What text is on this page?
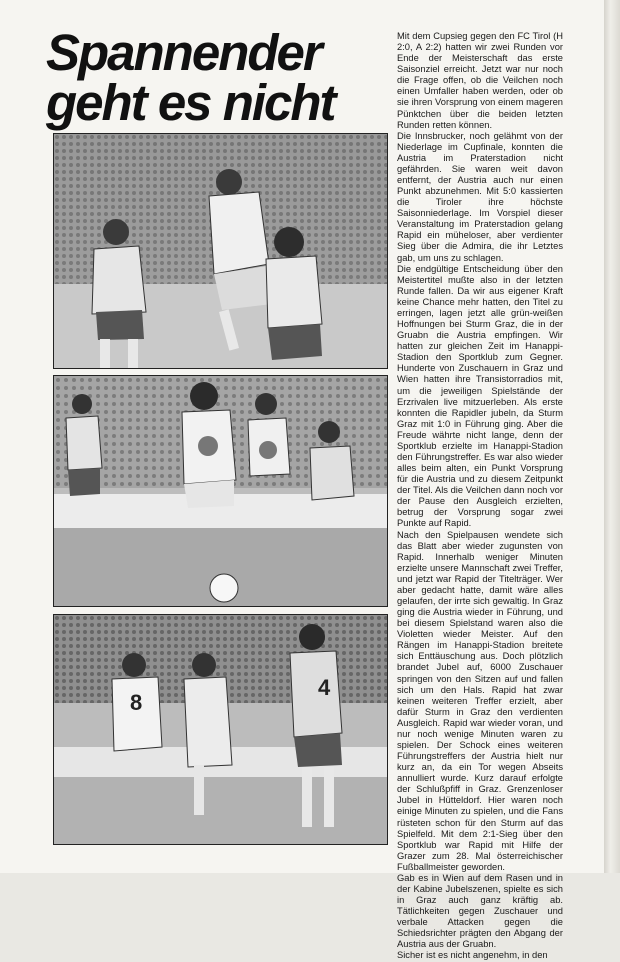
Spannender
geht es nicht
8
4

Mit dem Cupsieg gegen den FC Tirol (H 2:0, A 2:2) hatten wir zwei Runden vor Ende der Meisterschaft das erste Saisonziel erreicht. Jetzt war nur noch die Frage offen, ob die Veilchen noch einen Umfaller haben werden, oder ob sie ihren Vorsprung von einem mageren Pünktchen über die beiden letzten Runden retten können.

Die Innsbrucker, noch gelähmt von der Niederlage im Cupfinale, konnten die Austria im Praterstadion nicht gefährden. Sie waren weit davon entfernt, der Austria auch nur einen Punkt abzunehmen. Mit 5:0 kassierten die Tiroler ihre höchste Saisonniederlage. Im Vorspiel dieser Veranstaltung im Praterstadion gelang Rapid ein müheloser, aber verdienter Sieg über die Admira, die ihr Letztes gab, um uns zu schlagen.

Die endgültige Entscheidung über den Meistertitel mußte also in der letzten Runde fallen. Da wir aus eigener Kraft keine Chance mehr hatten, den Titel zu erringen, lagen jetzt alle grün-weißen Hoffnungen bei Sturm Graz, die in der Gruabn die Austria empfingen. Wir hatten zur gleichen Zeit im Hanappi-Stadion den Sportklub zum Gegner. Hunderte von Zuschauern in Graz und Wien hatten ihre Transistorradios mit, um die jeweiligen Spielstände der Erzrivalen live mitzuerleben. Als erste konnten die Rapidler jubeln, da Sturm Graz mit 1:0 in Führung ging. Aber die Freude währte nicht lange, denn der Sportklub erzielte im Hanappi-Stadion den Führungstreffer. Es war also wieder alles beim alten, ein Punkt Vorsprung für die Austria und zu diesem Zeitpunkt der Titel. Als die Veilchen dann noch vor der Pause den Ausgleich erzielten, betrug der Vorsprung sogar zwei Punkte auf Rapid.

Nach den Spielpausen wendete sich das Blatt aber wieder zugunsten von Rapid. Innerhalb weniger Minuten erzielte unsere Mannschaft zwei Treffer, und jetzt war Rapid der Titelträger. Wer aber gedacht hatte, damit wäre alles gelaufen, der irrte sich gewaltig. In Graz ging die Austria wieder in Führung, und bei diesem Spielstand waren also die Violetten wieder Meister. Auf den Rängen im Hanappi-Stadion breitete sich Enttäuschung aus. Doch plötzlich brandet Jubel auf, 6000 Zuschauer springen von den Sitzen auf und fallen sich um den Hals. Rapid hat zwar keinen weiteren Treffer erzielt, aber dafür Sturm in Graz den verdienten Ausgleich. Rapid war wieder voran, und nur noch wenige Minuten waren zu spielen. Der Schock eines weiteren Führungstreffers der Austria hielt nur kurz an, da ein Tor wegen Abseits annulliert wurde. Kurz darauf erfolgte der Schlußpfiff in Graz. Grenzenloser Jubel in Hütteldorf. Hier waren noch einige Minuten zu spielen, und die Fans rüsteten schon für den Sturm auf das Spielfeld. Mit dem 2:1-Sieg über den Sportklub war Rapid mit Hilfe der Grazer zum 28. Mal österreichischer Fußballmeister geworden.

Gab es in Wien auf dem Rasen und in der Kabine Jubelszenen, spielte es sich in Graz auch ganz kräftig ab. Tätlichkeiten gegen Zuschauer und verbale Attacken gegen die Schiedsrichter prägten den Abgang der Austria aus der Gruabn.

Sicher ist es nicht angenehm, in den
